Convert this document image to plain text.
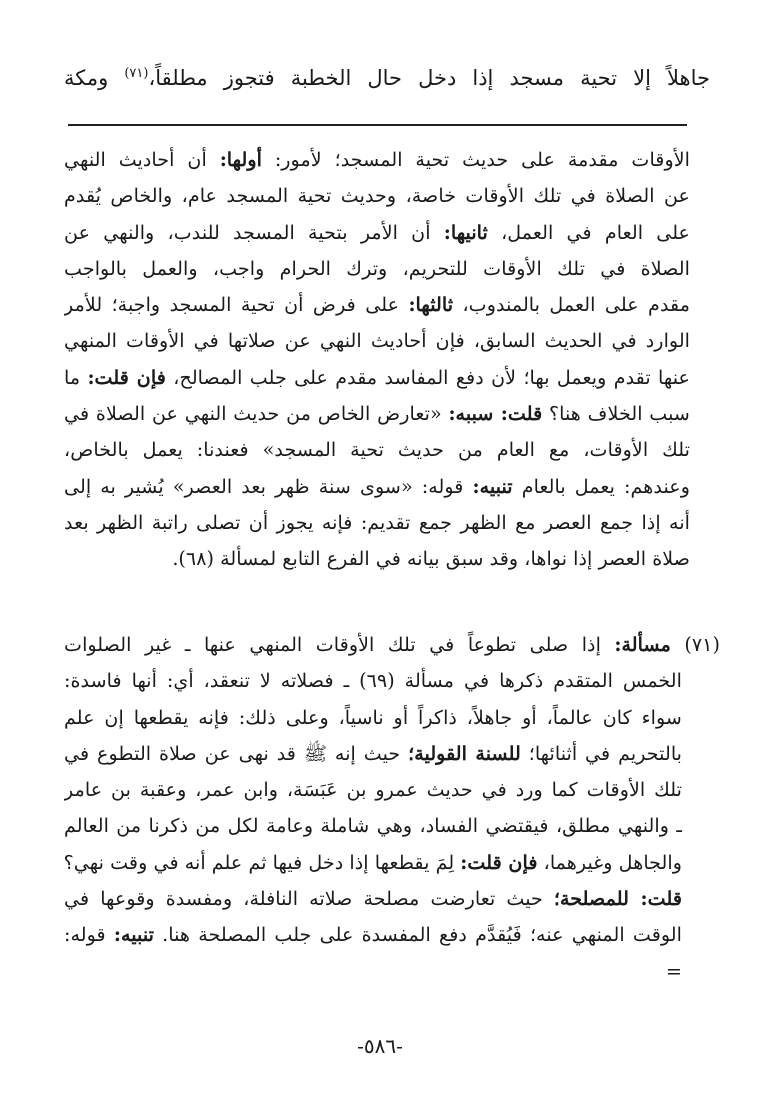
جاهلاً إلا تحية مسجد إذا دخل حال الخطبة فتجوز مطلقاً،$^{(٧١)}$ ومكة
الأوقات مقدمة على حديث تحية المسجد؛ لأمور: أولها: أن أحاديث النهي
عن الصلاة في تلك الأوقات خاصة، وحديث تحية المسجد عام، والخاص يُقدم
على العام في العمل، ثانيها: أن الأمر بتحية المسجد للندب، والنهي عن
الصلاة في تلك الأوقات للتحريم، وترك الحرام واجب، والعمل بالواجب
مقدم على العمل بالمندوب، ثالثها: على فرض أن تحية المسجد واجبة؛ للأمر
الوارد في الحديث السابق، فإن أحاديث النهي عن صلاتها في الأوقات المنهي
عنها تقدم ويعمل بها؛ لأن دفع المفاسد مقدم على جلب المصالح، فإن قلت: ما
سبب الخلاف هنا؟ قلت: سببه: «تعارض الخاص من حديث النهي عن الصلاة في
تلك الأوقات، مع العام من حديث تحية المسجد» فعندنا: يعمل بالخاص،
وعندهم: يعمل بالعام تنبيه: قوله: «سوى سنة ظهر بعد العصر» يُشير به إلى
أنه إذا جمع العصر مع الظهر جمع تقديم: فإنه يجوز أن تصلى راتبة الظهر بعد
صلاة العصر إذا نواها، وقد سبق بيانه في الفرع التابع لمسألة (٦٨).
(٧١) مسألة: إذا صلى تطوعاً في تلك الأوقات المنهي عنها ـ غير الصلوات
الخمس المتقدم ذكرها في مسألة (٦٩) ـ فصلاته لا تنعقد، أي: أنها فاسدة:
سواء كان عالماً، أو جاهلاً، ذاكراً أو ناسياً، وعلى ذلك: فإنه يقطعها إن علم
بالتحريم في أثنائها؛ للسنة القولية؛ حيث إنه ﷺ قد نهى عن صلاة التطوع في
تلك الأوقات كما ورد في حديث عمرو بن عَبَسَة، وابن عمر، وعقبة بن عامر
ـ والنهي مطلق، فيقتضي الفساد، وهي شاملة وعامة لكل من ذكرنا من العالم
والجاهل وغيرهما، فإن قلت: لِمَ يقطعها إذا دخل فيها ثم علم أنه في وقت نهي؟
قلت: للمصلحة؛ حيث تعارضت مصلحة صلاته النافلة، ومفسدة وقوعها في
الوقت المنهي عنه؛ فَيُقدَّم دفع المفسدة على جلب المصلحة هنا. تنبيه: قوله:
=
-٥٨٦-
